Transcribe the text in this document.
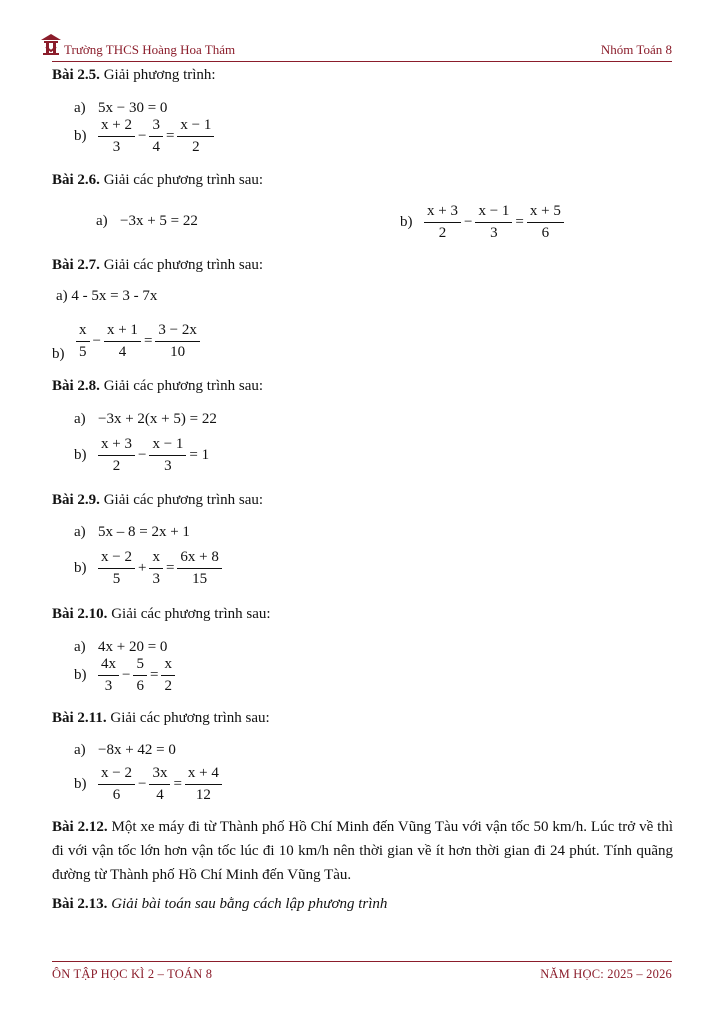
Trường THCS Hoàng Hoa Thám	Nhóm Toán 8
Bài 2.5. Giải phương trình:
a) 5x − 30 = 0
$b) \frac{x + 2}{3} - \frac{3}{4} = \frac{x - 1}{2}$
Bài 2.6. Giải các phương trình sau:
a) −3x + 5 = 22	$b) \frac{x + 3}{2} - \frac{x - 1}{3} = \frac{x + 5}{6}$
Bài 2.7. Giải các phương trình sau:
a) 4 - 5x = 3 - 7x
$b) \frac{x}{5} - \frac{x + 1}{4} = \frac{3 - 2x}{10}$
Bài 2.8. Giải các phương trình sau:
a) −3x + 2(x + 5) = 22
$b) \frac{x + 3}{2} - \frac{x - 1}{3} = 1$
Bài 2.9. Giải các phương trình sau:
a) 5x – 8 = 2x + 1
$b) \frac{x - 2}{5} + \frac{x}{3} = \frac{6x + 8}{15}$
Bài 2.10. Giải các phương trình sau:
a) 4x + 20 = 0
$b) \frac{4x}{3} - \frac{5}{6} = \frac{x}{2}$
Bài 2.11. Giải các phương trình sau:
a) −8x + 42 = 0
$b) \frac{x - 2}{6} - \frac{3x}{4} = \frac{x + 4}{12}$
Bài 2.12. Một xe máy đi từ Thành phố Hồ Chí Minh đến Vũng Tàu với vận tốc 50 km/h. Lúc trở về thì đi với vận tốc lớn hơn vận tốc lúc đi 10 km/h nên thời gian về ít hơn thời gian đi 24 phút. Tính quãng đường từ Thành phố Hồ Chí Minh đến Vũng Tàu.
Bài 2.13. Giải bài toán sau bằng cách lập phương trình
ÔN TẬP HỌC KÌ 2 – TOÁN 8	NĂM HỌC: 2025 – 2026
